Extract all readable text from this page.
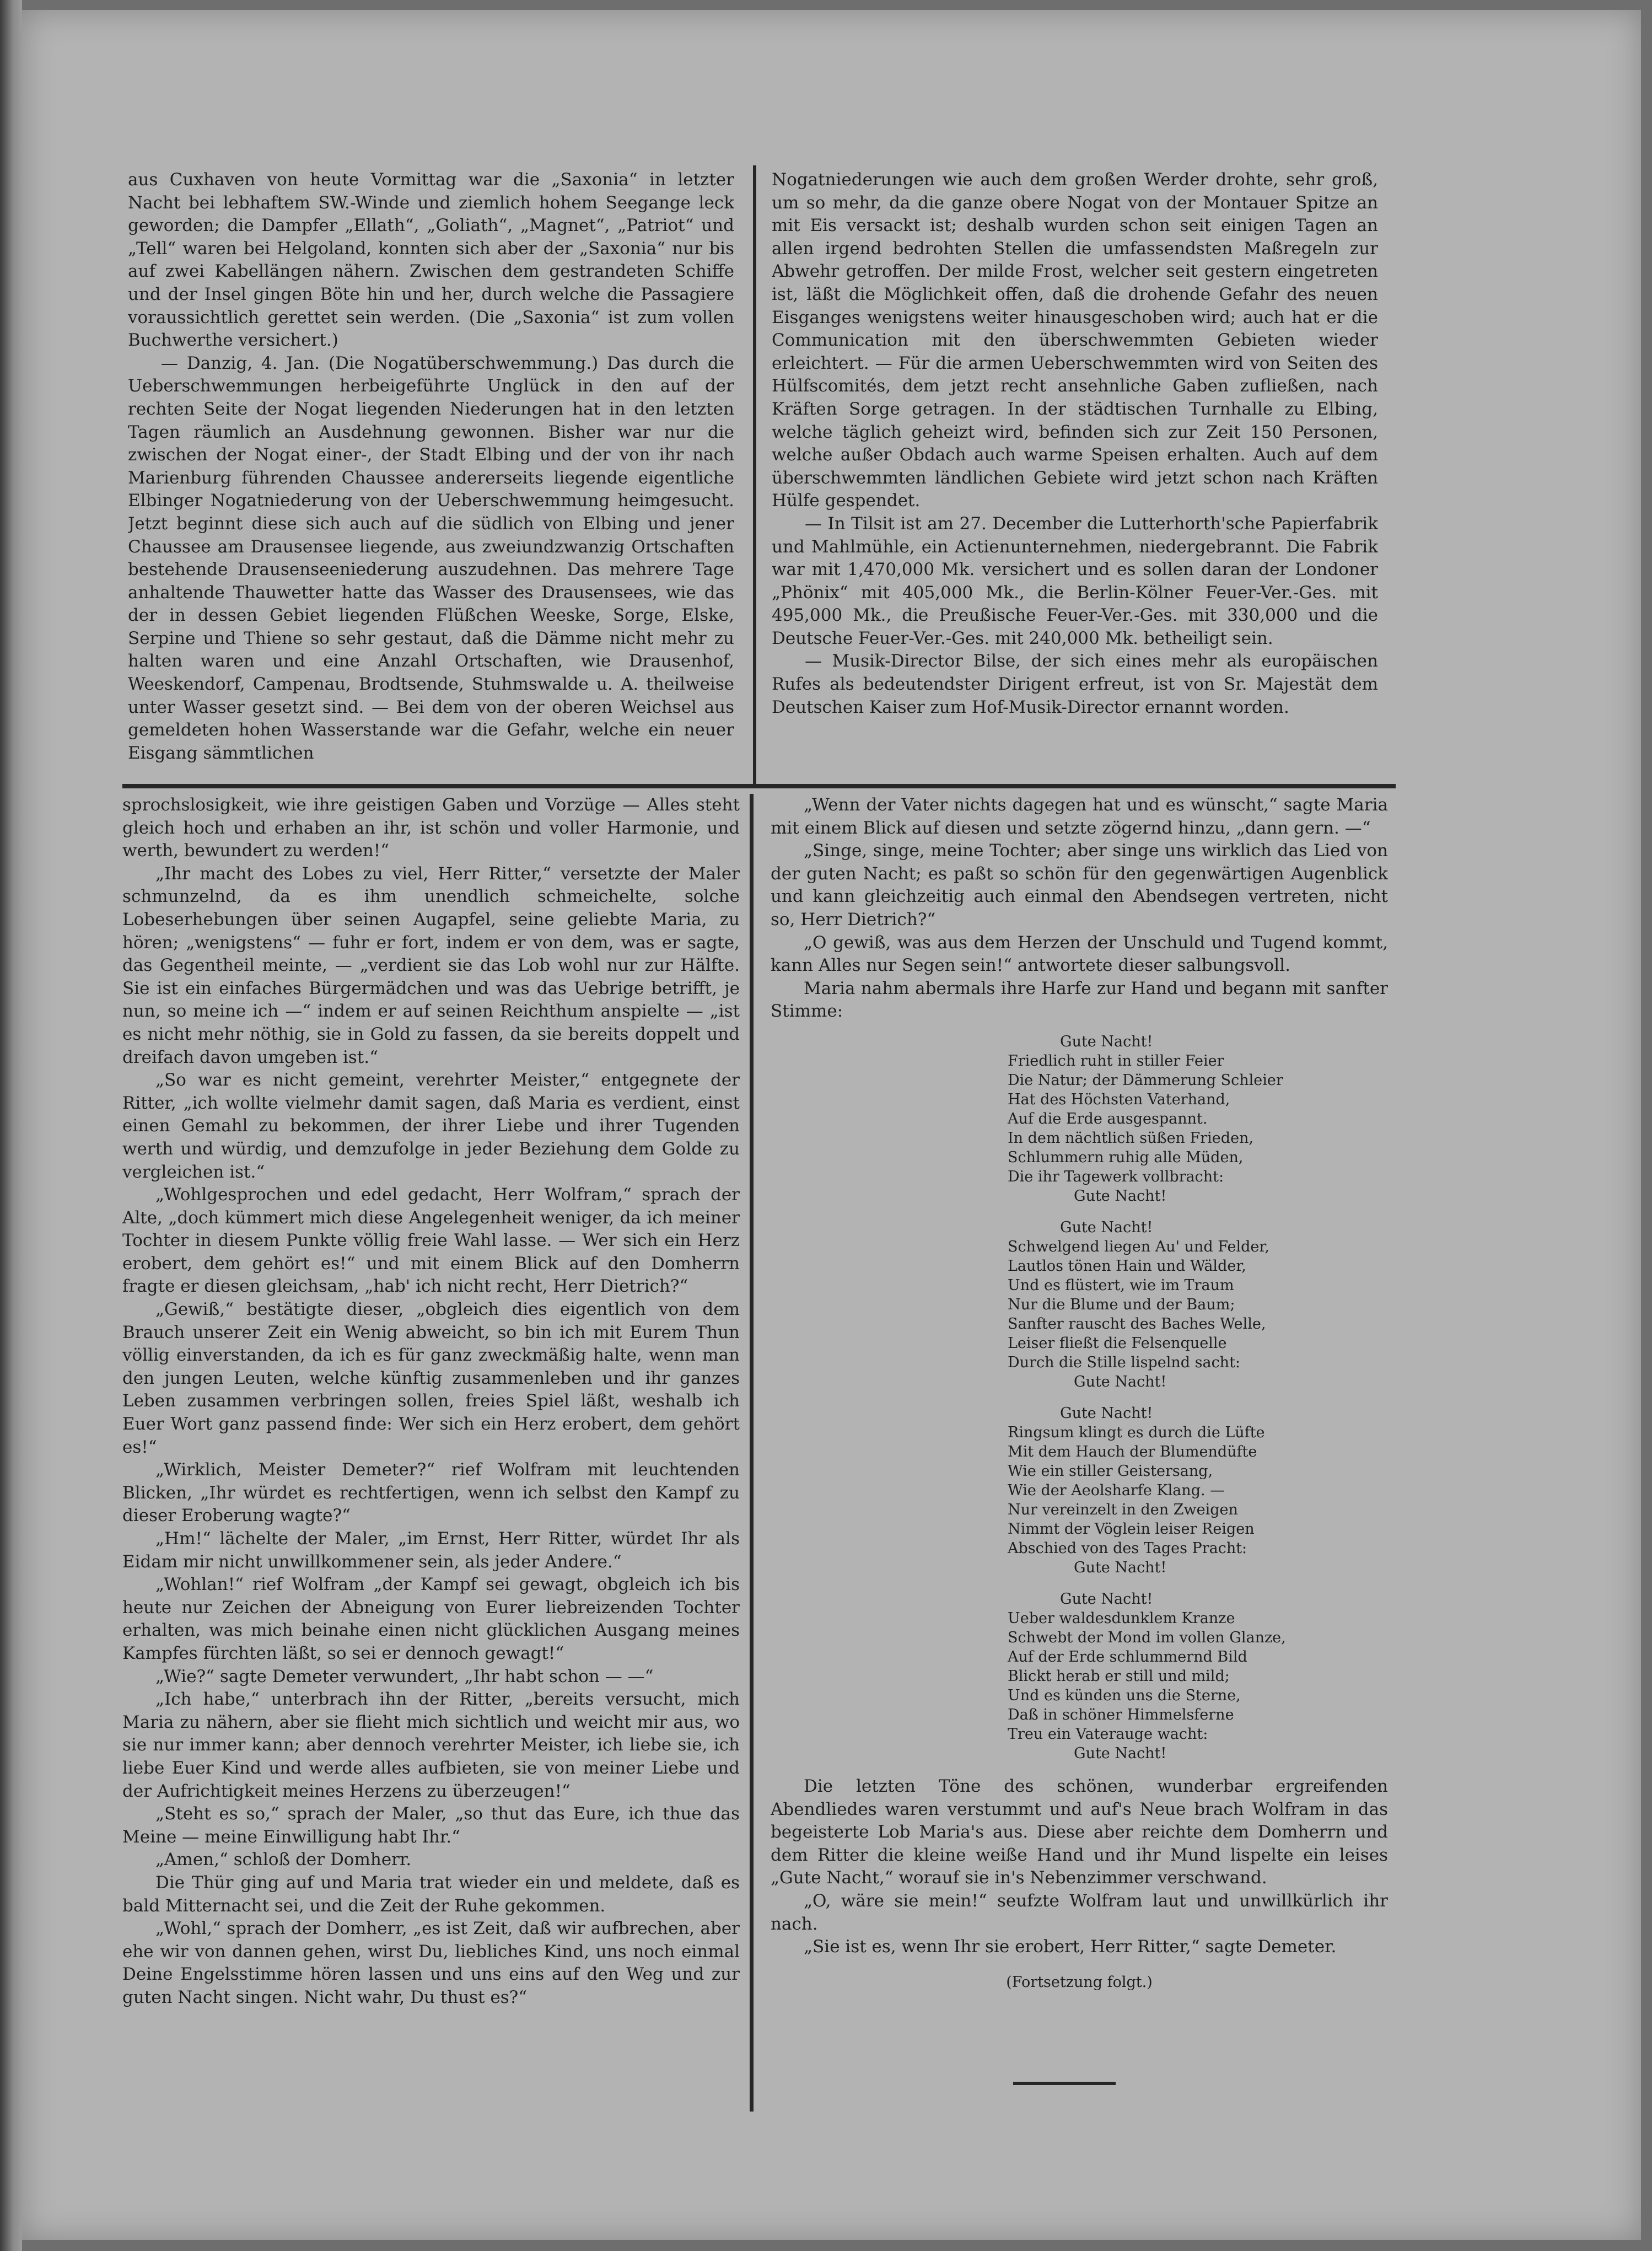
aus Cuxhaven von heute Vormittag war die „Saxonia“ in letzter Nacht bei lebhaftem SW.-Winde und ziemlich hohem Seegange leck geworden; die Dampfer „Ellath“, „Goliath“, „Magnet“, „Patriot“ und „Tell“ waren bei Helgoland, konnten sich aber der „Saxonia“ nur bis auf zwei Kabellängen nähern. Zwischen dem gestrandeten Schiffe und der Insel gingen Böte hin und her, durch welche die Passagiere voraussichtlich gerettet sein werden. (Die „Saxonia“ ist zum vollen Buchwerthe versichert.)

— Danzig, 4. Jan. (Die Nogatüberschwemmung.) Das durch die Ueberschwemmungen herbeigeführte Unglück in den auf der rechten Seite der Nogat liegenden Niederungen hat in den letzten Tagen räumlich an Ausdehnung gewonnen. Bisher war nur die zwischen der Nogat einer-, der Stadt Elbing und der von ihr nach Marienburg führenden Chaussee andererseits liegende eigentliche Elbinger Nogatniederung von der Ueberschwemmung heimgesucht. Jetzt beginnt diese sich auch auf die südlich von Elbing und jener Chaussee am Drausensee liegende, aus zweiundzwanzig Ortschaften bestehende Drausenseeniederung auszudehnen. Das mehrere Tage anhaltende Thauwetter hatte das Wasser des Drausensees, wie das der in dessen Gebiet liegenden Flüßchen Weeske, Sorge, Elske, Serpine und Thiene so sehr gestaut, daß die Dämme nicht mehr zu halten waren und eine Anzahl Ortschaften, wie Drausenhof, Weeskendorf, Campenau, Brodtsende, Stuhmswalde u. A. theilweise unter Wasser gesetzt sind. — Bei dem von der oberen Weichsel aus gemeldeten hohen Wasserstande war die Gefahr, welche ein neuer Eisgang sämmtlichen

Nogatniederungen wie auch dem großen Werder drohte, sehr groß, um so mehr, da die ganze obere Nogat von der Montauer Spitze an mit Eis versackt ist; deshalb wurden schon seit einigen Tagen an allen irgend bedrohten Stellen die umfassendsten Maßregeln zur Abwehr getroffen. Der milde Frost, welcher seit gestern eingetreten ist, läßt die Möglichkeit offen, daß die drohende Gefahr des neuen Eisganges wenigstens weiter hinausgeschoben wird; auch hat er die Communication mit den überschwemmten Gebieten wieder erleichtert. — Für die armen Ueberschwemmten wird von Seiten des Hülfscomités, dem jetzt recht ansehnliche Gaben zufließen, nach Kräften Sorge getragen. In der städtischen Turnhalle zu Elbing, welche täglich geheizt wird, befinden sich zur Zeit 150 Personen, welche außer Obdach auch warme Speisen erhalten. Auch auf dem überschwemmten ländlichen Gebiete wird jetzt schon nach Kräften Hülfe gespendet.

— In Tilsit ist am 27. December die Lutterhorth'sche Papierfabrik und Mahlmühle, ein Actienunternehmen, niedergebrannt. Die Fabrik war mit 1,470,000 Mk. versichert und es sollen daran der Londoner „Phönix“ mit 405,000 Mk., die Berlin-Kölner Feuer-Ver.-Ges. mit 495,000 Mk., die Preußische Feuer-Ver.-Ges. mit 330,000 und die Deutsche Feuer-Ver.-Ges. mit 240,000 Mk. betheiligt sein.

— Musik-Director Bilse, der sich eines mehr als europäischen Rufes als bedeutendster Dirigent erfreut, ist von Sr. Majestät dem Deutschen Kaiser zum Hof-Musik-Director ernannt worden.

sprochslosigkeit, wie ihre geistigen Gaben und Vorzüge — Alles steht gleich hoch und erhaben an ihr, ist schön und voller Harmonie, und werth, bewundert zu werden!“

„Ihr macht des Lobes zu viel, Herr Ritter,“ versetzte der Maler schmunzelnd, da es ihm unendlich schmeichelte, solche Lobeserhebungen über seinen Augapfel, seine geliebte Maria, zu hören; „wenigstens“ — fuhr er fort, indem er von dem, was er sagte, das Gegentheil meinte, — „verdient sie das Lob wohl nur zur Hälfte. Sie ist ein einfaches Bürgermädchen und was das Uebrige betrifft, je nun, so meine ich —“ indem er auf seinen Reichthum anspielte — „ist es nicht mehr nöthig, sie in Gold zu fassen, da sie bereits doppelt und dreifach davon umgeben ist.“

„So war es nicht gemeint, verehrter Meister,“ entgegnete der Ritter, „ich wollte vielmehr damit sagen, daß Maria es verdient, einst einen Gemahl zu bekommen, der ihrer Liebe und ihrer Tugenden werth und würdig, und demzufolge in jeder Beziehung dem Golde zu vergleichen ist.“

„Wohlgesprochen und edel gedacht, Herr Wolfram,“ sprach der Alte, „doch kümmert mich diese Angelegenheit weniger, da ich meiner Tochter in diesem Punkte völlig freie Wahl lasse. — Wer sich ein Herz erobert, dem gehört es!“ und mit einem Blick auf den Domherrn fragte er diesen gleichsam, „hab' ich nicht recht, Herr Dietrich?“

„Gewiß,“ bestätigte dieser, „obgleich dies eigentlich von dem Brauch unserer Zeit ein Wenig abweicht, so bin ich mit Eurem Thun völlig einverstanden, da ich es für ganz zweckmäßig halte, wenn man den jungen Leuten, welche künftig zusammenleben und ihr ganzes Leben zusammen verbringen sollen, freies Spiel läßt, weshalb ich Euer Wort ganz passend finde: Wer sich ein Herz erobert, dem gehört es!“

„Wirklich, Meister Demeter?“ rief Wolfram mit leuchtenden Blicken, „Ihr würdet es rechtfertigen, wenn ich selbst den Kampf zu dieser Eroberung wagte?“

„Hm!“ lächelte der Maler, „im Ernst, Herr Ritter, würdet Ihr als Eidam mir nicht unwillkommener sein, als jeder Andere.“

„Wohlan!“ rief Wolfram „der Kampf sei gewagt, obgleich ich bis heute nur Zeichen der Abneigung von Eurer liebreizenden Tochter erhalten, was mich beinahe einen nicht glücklichen Ausgang meines Kampfes fürchten läßt, so sei er dennoch gewagt!“

„Wie?“ sagte Demeter verwundert, „Ihr habt schon — —“

„Ich habe,“ unterbrach ihn der Ritter, „bereits versucht, mich Maria zu nähern, aber sie flieht mich sichtlich und weicht mir aus, wo sie nur immer kann; aber dennoch verehrter Meister, ich liebe sie, ich liebe Euer Kind und werde alles aufbieten, sie von meiner Liebe und der Aufrichtigkeit meines Herzens zu überzeugen!“

„Steht es so,“ sprach der Maler, „so thut das Eure, ich thue das Meine — meine Einwilligung habt Ihr.“

„Amen,“ schloß der Domherr.

Die Thür ging auf und Maria trat wieder ein und meldete, daß es bald Mitternacht sei, und die Zeit der Ruhe gekommen.

„Wohl,“ sprach der Domherr, „es ist Zeit, daß wir aufbrechen, aber ehe wir von dannen gehen, wirst Du, liebliches Kind, uns noch einmal Deine Engelsstimme hören lassen und uns eins auf den Weg und zur guten Nacht singen. Nicht wahr, Du thust es?“

„Wenn der Vater nichts dagegen hat und es wünscht,“ sagte Maria mit einem Blick auf diesen und setzte zögernd hinzu, „dann gern. —“

„Singe, singe, meine Tochter; aber singe uns wirklich das Lied von der guten Nacht; es paßt so schön für den gegenwärtigen Augenblick und kann gleichzeitig auch einmal den Abendsegen vertreten, nicht so, Herr Dietrich?“

„O gewiß, was aus dem Herzen der Unschuld und Tugend kommt, kann Alles nur Segen sein!“ antwortete dieser salbungsvoll.

Maria nahm abermals ihre Harfe zur Hand und begann mit sanfter Stimme:

Gute Nacht!
Friedlich ruht in stiller Feier
Die Natur; der Dämmerung Schleier
Hat des Höchsten Vaterhand,
Auf die Erde ausgespannt.
In dem nächtlich süßen Frieden,
Schlummern ruhig alle Müden,
Die ihr Tagewerk vollbracht:
Gute Nacht!
Gute Nacht!
Schwelgend liegen Au' und Felder,
Lautlos tönen Hain und Wälder,
Und es flüstert, wie im Traum
Nur die Blume und der Baum;
Sanfter rauscht des Baches Welle,
Leiser fließt die Felsenquelle
Durch die Stille lispelnd sacht:
Gute Nacht!
Gute Nacht!
Ringsum klingt es durch die Lüfte
Mit dem Hauch der Blumendüfte
Wie ein stiller Geistersang,
Wie der Aeolsharfe Klang. —
Nur vereinzelt in den Zweigen
Nimmt der Vöglein leiser Reigen
Abschied von des Tages Pracht:
Gute Nacht!
Gute Nacht!
Ueber waldesdunklem Kranze
Schwebt der Mond im vollen Glanze,
Auf der Erde schlummernd Bild
Blickt herab er still und mild;
Und es künden uns die Sterne,
Daß in schöner Himmelsferne
Treu ein Vaterauge wacht:
Gute Nacht!

Die letzten Töne des schönen, wunderbar ergreifenden Abendliedes waren verstummt und auf's Neue brach Wolfram in das begeisterte Lob Maria's aus. Diese aber reichte dem Domherrn und dem Ritter die kleine weiße Hand und ihr Mund lispelte ein leises „Gute Nacht,“ worauf sie in's Nebenzimmer verschwand.

„O, wäre sie mein!“ seufzte Wolfram laut und unwillkürlich ihr nach.

„Sie ist es, wenn Ihr sie erobert, Herr Ritter,“ sagte Demeter.

(Fortsetzung folgt.)
